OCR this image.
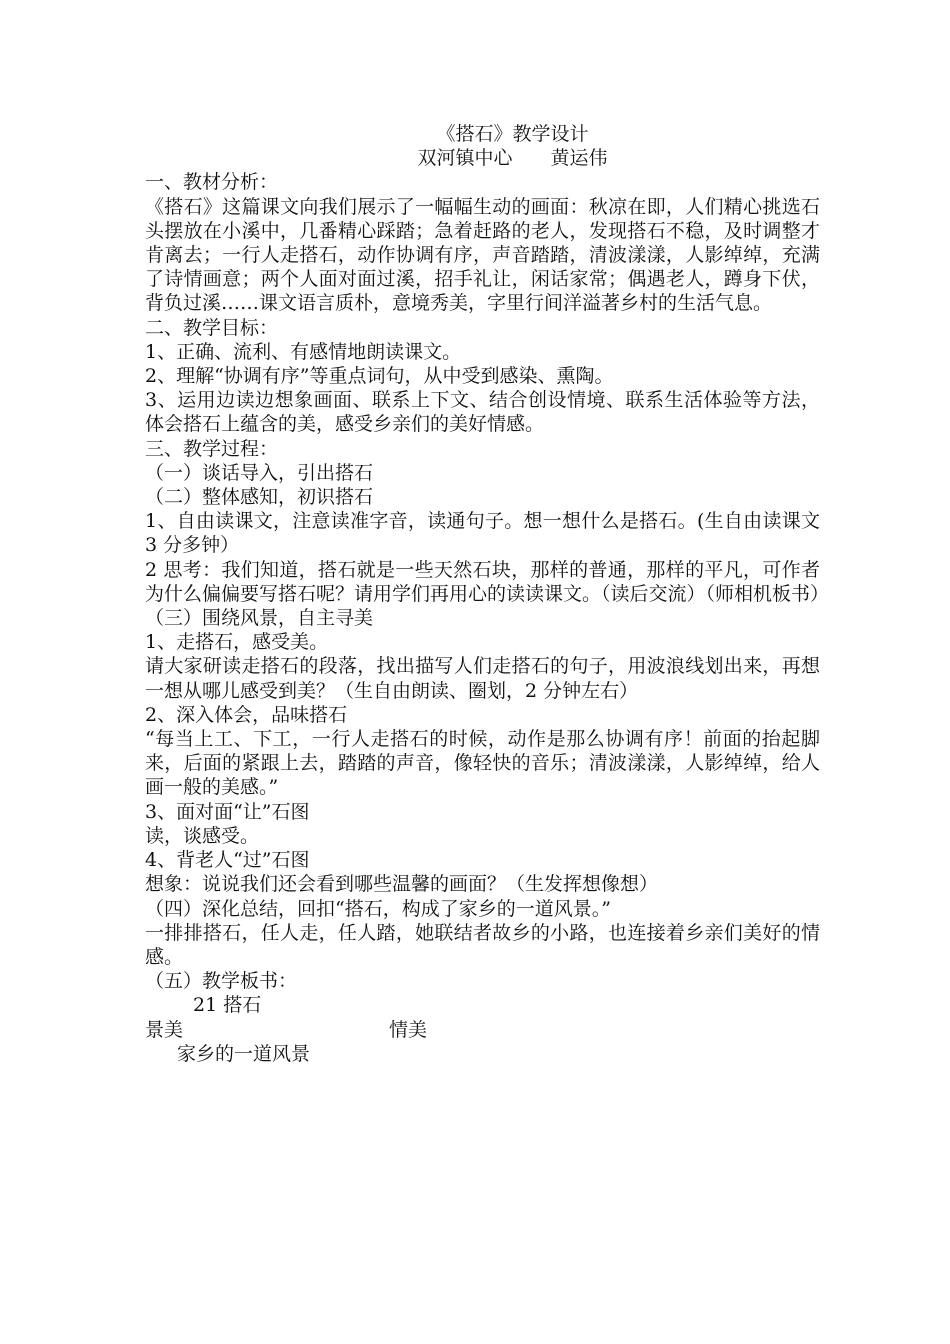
《搭石》教学设计
双河镇中心 黄运伟
一、教材分析：
《搭石》这篇课文向我们展示了一幅幅生动的画面：秋凉在即，人们精心挑选石头摆放在小溪中，几番精心踩踏；急着赶路的老人，发现搭石不稳，及时调整才肯离去；一行人走搭石，动作协调有序，声音踏踏，清波漾漾，人影绰绰，充满了诗情画意；两个人面对面过溪，招手礼让，闲话家常；偶遇老人，蹲身下伏，背负过溪……课文语言质朴，意境秀美，字里行间洋溢著乡村的生活气息。
二、教学目标：
1、正确、流利、有感情地朗读课文。
2、理解“协调有序”等重点词句，从中受到感染、熏陶。
3、运用边读边想象画面、联系上下文、结合创设情境、联系生活体验等方法，体会搭石上蕴含的美，感受乡亲们的美好情感。
三、教学过程：
（一）谈话导入，引出搭石
（二）整体感知，初识搭石
1、自由读课文，注意读准字音，读通句子。想一想什么是搭石。(生自由读课文 3 分多钟）
2 思考：我们知道，搭石就是一些天然石块，那样的普通，那样的平凡，可作者为什么偏偏要写搭石呢？请用学们再用心的读读课文。（读后交流）（师相机板书）
（三）围绕风景，自主寻美
1、走搭石，感受美。
请大家研读走搭石的段落，找出描写人们走搭石的句子，用波浪线划出来，再想一想从哪儿感受到美？（生自由朗读、圈划，2 分钟左右）
2、深入体会，品味搭石
“每当上工、下工，一行人走搭石的时候，动作是那么协调有序！前面的抬起脚来，后面的紧跟上去，踏踏的声音，像轻快的音乐；清波漾漾，人影绰绰，给人画一般的美感。”
3、面对面“让”石图
读，谈感受。
4、背老人“过”石图
想象：说说我们还会看到哪些温馨的画面？（生发挥想像想）
（四）深化总结，回扣“搭石，构成了家乡的一道风景。”
一排排搭石，任人走，任人踏，她联结者故乡的小路，也连接着乡亲们美好的情感。
（五）教学板书：
21 搭石
景美	情美
家乡的一道风景
